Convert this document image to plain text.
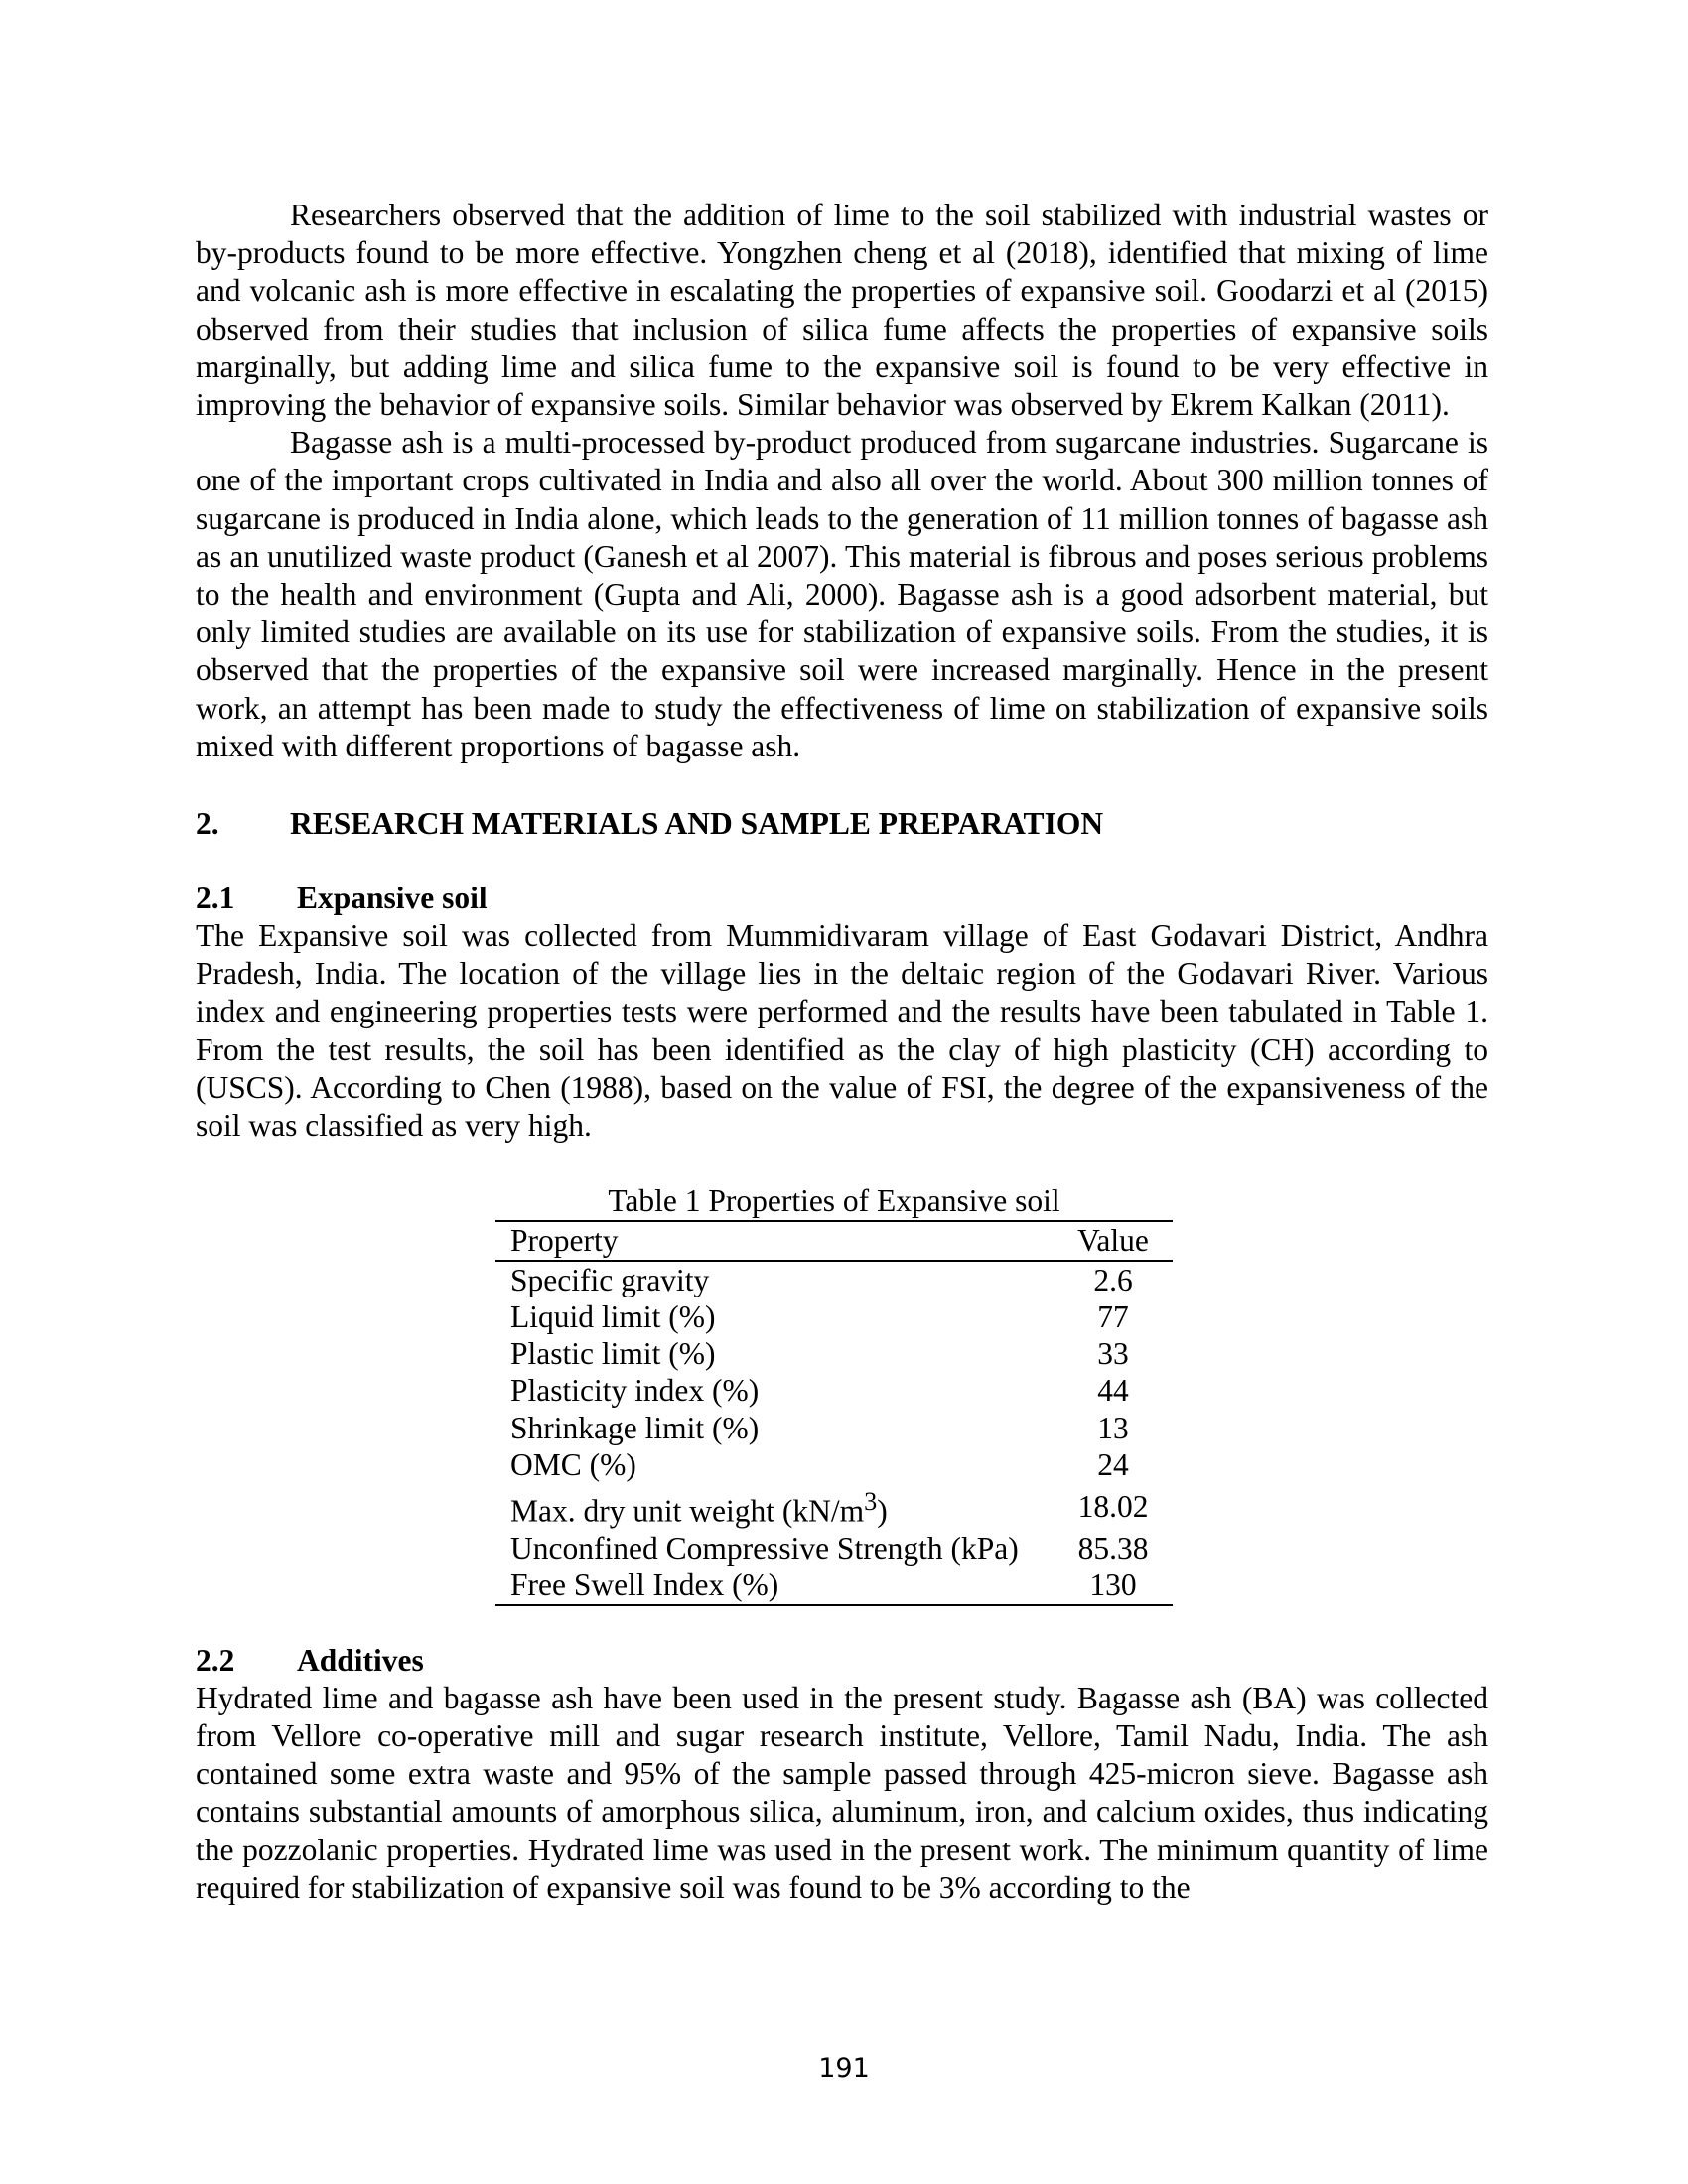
Researchers observed that the addition of lime to the soil stabilized with industrial wastes or by-products found to be more effective. Yongzhen cheng et al (2018), identified that mixing of lime and volcanic ash is more effective in escalating the properties of expansive soil. Goodarzi et al (2015) observed from their studies that inclusion of silica fume affects the properties of expansive soils marginally, but adding lime and silica fume to the expansive soil is found to be very effective in improving the behavior of expansive soils. Similar behavior was observed by Ekrem Kalkan (2011).

Bagasse ash is a multi-processed by-product produced from sugarcane industries. Sugarcane is one of the important crops cultivated in India and also all over the world. About 300 million tonnes of sugarcane is produced in India alone, which leads to the generation of 11 million tonnes of bagasse ash as an unutilized waste product (Ganesh et al 2007). This material is fibrous and poses serious problems to the health and environment (Gupta and Ali, 2000). Bagasse ash is a good adsorbent material, but only limited studies are available on its use for stabilization of expansive soils. From the studies, it is observed that the properties of the expansive soil were increased marginally. Hence in the present work, an attempt has been made to study the effectiveness of lime on stabilization of expansive soils mixed with different proportions of bagasse ash.

2.	RESEARCH MATERIALS AND SAMPLE PREPARATION
2.1	Expansive soil

The Expansive soil was collected from Mummidivaram village of East Godavari District, Andhra Pradesh, India. The location of the village lies in the deltaic region of the Godavari River. Various index and engineering properties tests were performed and the results have been tabulated in Table 1. From the test results, the soil has been identified as the clay of high plasticity (CH) according to (USCS). According to Chen (1988), based on the value of FSI, the degree of the expansiveness of the soil was classified as very high.

Table 1 Properties of Expansive soil
Property	Value
Specific gravity	2.6
Liquid limit (%)	77
Plastic limit (%)	33
Plasticity index (%)	44
Shrinkage limit (%)	13
OMC (%)	24
Max. dry unit weight $(kN/m^3)$	18.02
Unconfined Compressive Strength (kPa)	85.38
Free Swell Index (%)	130
2.2	Additives

Hydrated lime and bagasse ash have been used in the present study. Bagasse ash (BA) was collected from Vellore co-operative mill and sugar research institute, Vellore, Tamil Nadu, India. The ash contained some extra waste and 95% of the sample passed through 425-micron sieve. Bagasse ash contains substantial amounts of amorphous silica, aluminum, iron, and calcium oxides, thus indicating the pozzolanic properties. Hydrated lime was used in the present work. The minimum quantity of lime required for stabilization of expansive soil was found to be 3% according to the

191
